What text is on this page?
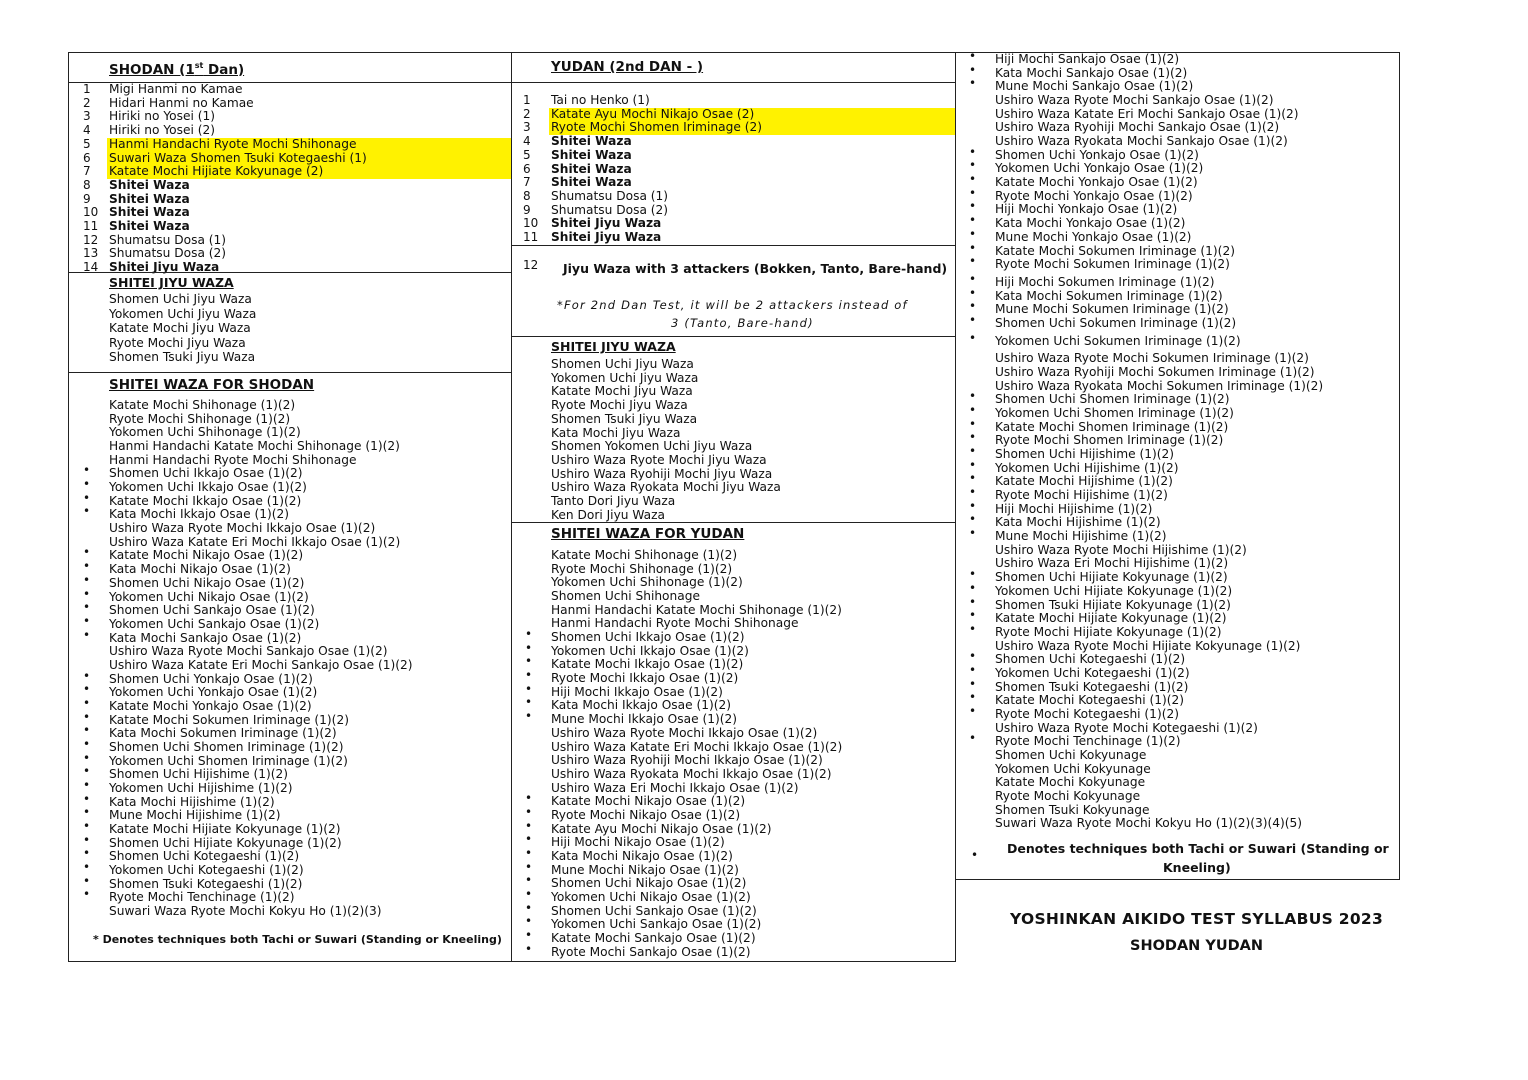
SHODAN (1st Dan)
1 Migi Hanmi no Kamae
2 Hidari Hanmi no Kamae
3 Hiriki no Yosei (1)
4 Hiriki no Yosei (2)
5 Hanmi Handachi Ryote Mochi Shihonage
6 Suwari Waza Shomen Tsuki Kotegaeshi (1)
7 Katate Mochi Hijiate Kokyunage (2)
8 Shitei Waza
9 Shitei Waza
10 Shitei Waza
11 Shitei Waza
12 Shumatsu Dosa (1)
13 Shumatsu Dosa (2)
14 Shitei Jiyu Waza
SHITEI JIYU WAZA
Shomen Uchi Jiyu Waza
Yokomen Uchi Jiyu Waza
Katate Mochi Jiyu Waza
Ryote Mochi Jiyu Waza
Shomen Tsuki Jiyu Waza
SHITEI WAZA FOR SHODAN
Katate Mochi Shihonage (1)(2)
Ryote Mochi Shihonage (1)(2)
Yokomen Uchi Shihonage (1)(2)
Hanmi Handachi Katate Mochi Shihonage (1)(2)
Hanmi Handachi Ryote Mochi Shihonage
• Shomen Uchi Ikkajo Osae (1)(2)
• Yokomen Uchi Ikkajo Osae (1)(2)
• Katate Mochi Ikkajo Osae (1)(2)
• Kata Mochi Ikkajo Osae (1)(2)
Ushiro Waza Ryote Mochi Ikkajo Osae (1)(2)
Ushiro Waza Katate Eri Mochi Ikkajo Osae (1)(2)
• Katate Mochi Nikajo Osae (1)(2)
• Kata Mochi Nikajo Osae (1)(2)
• Shomen Uchi Nikajo Osae (1)(2)
• Yokomen Uchi Nikajo Osae (1)(2)
• Shomen Uchi Sankajo Osae (1)(2)
• Yokomen Uchi Sankajo Osae (1)(2)
• Kata Mochi Sankajo Osae (1)(2)
Ushiro Waza Ryote Mochi Sankajo Osae (1)(2)
Ushiro Waza Katate Eri Mochi Sankajo Osae (1)(2)
• Shomen Uchi Yonkajo Osae (1)(2)
• Yokomen Uchi Yonkajo Osae (1)(2)
• Katate Mochi Yonkajo Osae (1)(2)
• Katate Mochi Sokumen Iriminage (1)(2)
• Kata Mochi Sokumen Iriminage (1)(2)
• Shomen Uchi Shomen Iriminage (1)(2)
• Yokomen Uchi Shomen Iriminage (1)(2)
• Shomen Uchi Hijishime (1)(2)
• Yokomen Uchi Hijishime (1)(2)
• Kata Mochi Hijishime (1)(2)
• Mune Mochi Hijishime (1)(2)
• Katate Mochi Hijiate Kokyunage (1)(2)
• Shomen Uchi Hijiate Kokyunage (1)(2)
• Shomen Uchi Kotegaeshi (1)(2)
• Yokomen Uchi Kotegaeshi (1)(2)
• Shomen Tsuki Kotegaeshi (1)(2)
• Ryote Mochi Tenchinage (1)(2)
Suwari Waza Ryote Mochi Kokyu Ho (1)(2)(3)
* Denotes techniques both Tachi or Suwari (Standing or Kneeling)
YUDAN (2nd DAN - )
1 Tai no Henko (1)
2 Katate Ayu Mochi Nikajo Osae (2)
3 Ryote Mochi Shomen Iriminage (2)
4 Shitei Waza
5 Shitei Waza
6 Shitei Waza
7 Shitei Waza
8 Shumatsu Dosa (1)
9 Shumatsu Dosa (2)
10 Shitei Jiyu Waza
11 Shitei Jiyu Waza
12 Jiyu Waza with 3 attackers (Bokken, Tanto, Bare-hand)
*For 2nd Dan Test, it will be 2 attackers instead of
3 (Tanto, Bare-hand)
SHITEI JIYU WAZA
Shomen Uchi Jiyu Waza
Yokomen Uchi Jiyu Waza
Katate Mochi Jiyu Waza
Ryote Mochi Jiyu Waza
Shomen Tsuki Jiyu Waza
Kata Mochi Jiyu Waza
Shomen Yokomen Uchi Jiyu Waza
Ushiro Waza Ryote Mochi Jiyu Waza
Ushiro Waza Ryohiji Mochi Jiyu Waza
Ushiro Waza Ryokata Mochi Jiyu Waza
Tanto Dori Jiyu Waza
Ken Dori Jiyu Waza
SHITEI WAZA FOR YUDAN
Katate Mochi Shihonage (1)(2)
Ryote Mochi Shihonage (1)(2)
Yokomen Uchi Shihonage (1)(2)
Shomen Uchi Shihonage
Hanmi Handachi Katate Mochi Shihonage (1)(2)
Hanmi Handachi Ryote Mochi Shihonage
• Shomen Uchi Ikkajo Osae (1)(2)
• Yokomen Uchi Ikkajo Osae (1)(2)
• Katate Mochi Ikkajo Osae (1)(2)
• Ryote Mochi Ikkajo Osae (1)(2)
• Hiji Mochi Ikkajo Osae (1)(2)
• Kata Mochi Ikkajo Osae (1)(2)
• Mune Mochi Ikkajo Osae (1)(2)
Ushiro Waza Ryote Mochi Ikkajo Osae (1)(2)
Ushiro Waza Katate Eri Mochi Ikkajo Osae (1)(2)
Ushiro Waza Ryohiji Mochi Ikkajo Osae (1)(2)
Ushiro Waza Ryokata Mochi Ikkajo Osae (1)(2)
Ushiro Waza Eri Mochi Ikkajo Osae (1)(2)
• Katate Mochi Nikajo Osae (1)(2)
• Ryote Mochi Nikajo Osae (1)(2)
• Katate Ayu Mochi Nikajo Osae (1)(2)
• Hiji Mochi Nikajo Osae (1)(2)
• Kata Mochi Nikajo Osae (1)(2)
• Mune Mochi Nikajo Osae (1)(2)
• Shomen Uchi Nikajo Osae (1)(2)
• Yokomen Uchi Nikajo Osae (1)(2)
• Shomen Uchi Sankajo Osae (1)(2)
• Yokomen Uchi Sankajo Osae (1)(2)
• Katate Mochi Sankajo Osae (1)(2)
• Ryote Mochi Sankajo Osae (1)(2)
• Hiji Mochi Sankajo Osae (1)(2)
• Kata Mochi Sankajo Osae (1)(2)
• Mune Mochi Sankajo Osae (1)(2)
Ushiro Waza Ryote Mochi Sankajo Osae (1)(2)
Ushiro Waza Katate Eri Mochi Sankajo Osae (1)(2)
Ushiro Waza Ryohiji Mochi Sankajo Osae (1)(2)
Ushiro Waza Ryokata Mochi Sankajo Osae (1)(2)
• Shomen Uchi Yonkajo Osae (1)(2)
• Yokomen Uchi Yonkajo Osae (1)(2)
• Katate Mochi Yonkajo Osae (1)(2)
• Ryote Mochi Yonkajo Osae (1)(2)
• Hiji Mochi Yonkajo Osae (1)(2)
• Kata Mochi Yonkajo Osae (1)(2)
• Mune Mochi Yonkajo Osae (1)(2)
• Katate Mochi Sokumen Iriminage (1)(2)
• Ryote Mochi Sokumen Iriminage (1)(2)
• Hiji Mochi Sokumen Iriminage (1)(2)
• Kata Mochi Sokumen Iriminage (1)(2)
• Mune Mochi Sokumen Iriminage (1)(2)
• Shomen Uchi Sokumen Iriminage (1)(2)
• Yokomen Uchi Sokumen Iriminage (1)(2)
Ushiro Waza Ryote Mochi Sokumen Iriminage (1)(2)
Ushiro Waza Ryohiji Mochi Sokumen Iriminage (1)(2)
Ushiro Waza Ryokata Mochi Sokumen Iriminage (1)(2)
• Shomen Uchi Shomen Iriminage (1)(2)
• Yokomen Uchi Shomen Iriminage (1)(2)
• Katate Mochi Shomen Iriminage (1)(2)
• Ryote Mochi Shomen Iriminage (1)(2)
• Shomen Uchi Hijishime (1)(2)
• Yokomen Uchi Hijishime (1)(2)
• Katate Mochi Hijishime (1)(2)
• Ryote Mochi Hijishime (1)(2)
• Hiji Mochi Hijishime (1)(2)
• Kata Mochi Hijishime (1)(2)
• Mune Mochi Hijishime (1)(2)
Ushiro Waza Ryote Mochi Hijishime (1)(2)
Ushiro Waza Eri Mochi Hijishime (1)(2)
• Shomen Uchi Hijiate Kokyunage (1)(2)
• Yokomen Uchi Hijiate Kokyunage (1)(2)
• Shomen Tsuki Hijiate Kokyunage (1)(2)
• Katate Mochi Hijiate Kokyunage (1)(2)
• Ryote Mochi Hijiate Kokyunage (1)(2)
Ushiro Waza Ryote Mochi Hijiate Kokyunage (1)(2)
• Shomen Uchi Kotegaeshi (1)(2)
• Yokomen Uchi Kotegaeshi (1)(2)
• Shomen Tsuki Kotegaeshi (1)(2)
• Katate Mochi Kotegaeshi (1)(2)
• Ryote Mochi Kotegaeshi (1)(2)
Ushiro Waza Ryote Mochi Kotegaeshi (1)(2)
• Ryote Mochi Tenchinage (1)(2)
Shomen Uchi Kokyunage
Yokomen Uchi Kokyunage
Katate Mochi Kokyunage
Ryote Mochi Kokyunage
Shomen Tsuki Kokyunage
Suwari Waza Ryote Mochi Kokyu Ho (1)(2)(3)(4)(5)
• Denotes techniques both Tachi or Suwari (Standing or
Kneeling)
YOSHINKAN AIKIDO TEST SYLLABUS 2023
SHODAN YUDAN
